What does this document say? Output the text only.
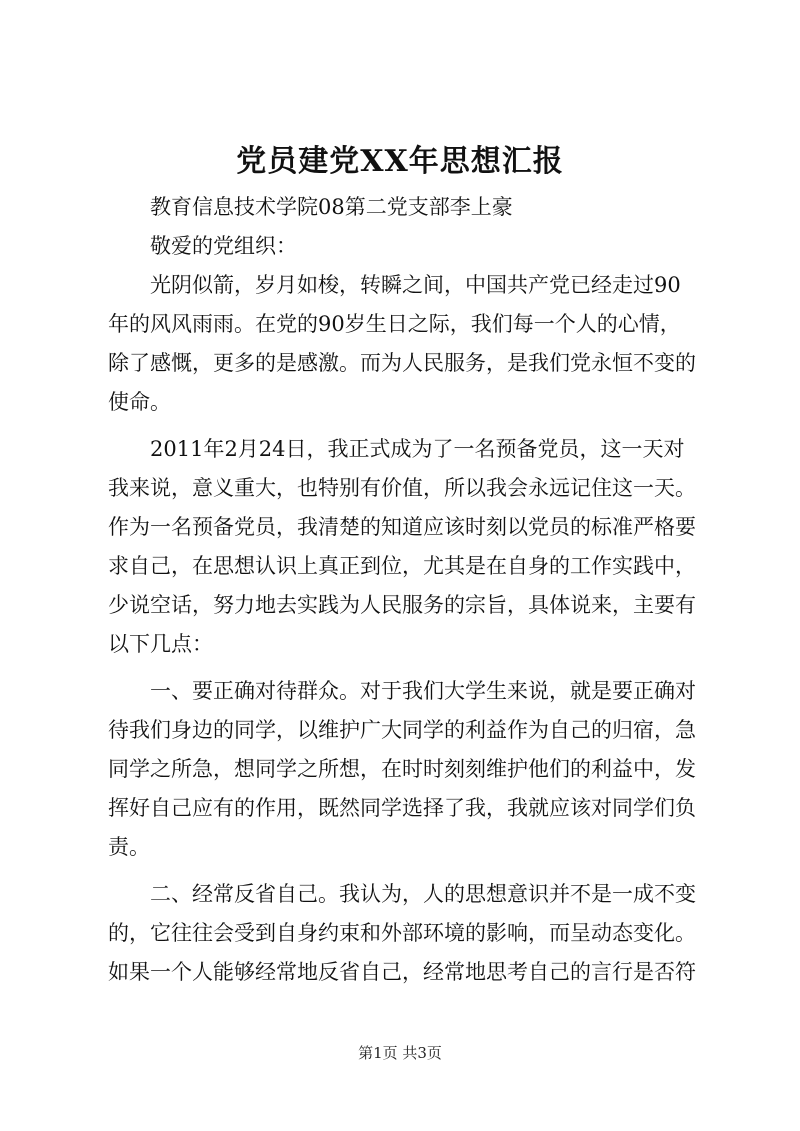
党员建党XX年思想汇报
教育信息技术学院08第二党支部李上豪
敬爱的党组织：
光阴似箭，岁月如梭，转瞬之间，中国共产党已经走过90
年的风风雨雨。在党的90岁生日之际，我们每一个人的心情，
除了感慨，更多的是感激。而为人民服务，是我们党永恒不变的
使命。
2011年2月24日，我正式成为了一名预备党员，这一天对
我来说，意义重大，也特别有价值，所以我会永远记住这一天。
作为一名预备党员，我清楚的知道应该时刻以党员的标准严格要
求自己，在思想认识上真正到位，尤其是在自身的工作实践中，
少说空话，努力地去实践为人民服务的宗旨，具体说来，主要有
以下几点：
一、要正确对待群众。对于我们大学生来说，就是要正确对
待我们身边的同学，以维护广大同学的利益作为自己的归宿，急
同学之所急，想同学之所想，在时时刻刻维护他们的利益中，发
挥好自己应有的作用，既然同学选择了我，我就应该对同学们负
责。
二、经常反省自己。我认为，人的思想意识并不是一成不变
的，它往往会受到自身约束和外部环境的影响，而呈动态变化。
如果一个人能够经常地反省自己，经常地思考自己的言行是否符
第1页 共3页
